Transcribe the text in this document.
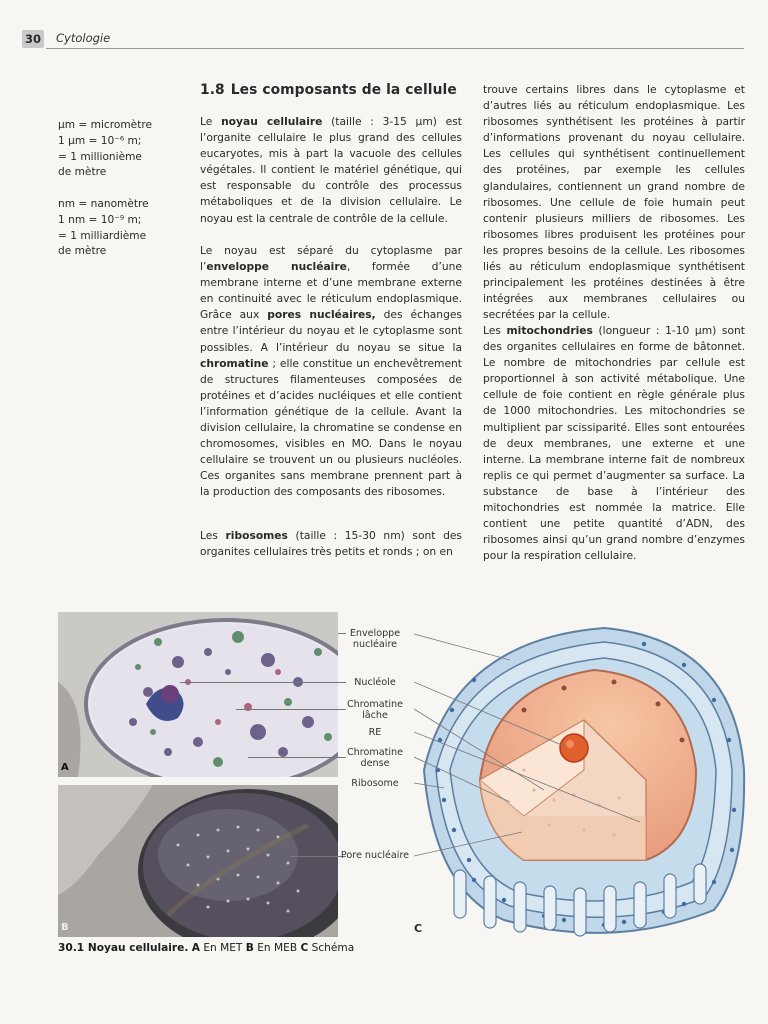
30 Cytologie

µm = micromètre
1 µm = 10⁻⁶ m;
= 1 millionième
de mètre

nm = nanomètre
1 nm = 10⁻⁹ m;
= 1 milliardième
de mètre

1.8 Les composants de la cellule

Le noyau cellulaire (taille : 3-15 µm) est l’organite cellulaire le plus grand des cellules eucaryotes, mis à part la vacuole des cellules végétales. Il contient le matériel génétique, qui est responsable du contrôle des processus métaboliques et de la division cellulaire. Le noyau est la centrale de contrôle de la cellule.

Le noyau est séparé du cytoplasme par l’enveloppe nucléaire, formée d’une membrane interne et d’une membrane externe en continuité avec le réticulum endoplasmique. Grâce aux pores nucléaires, des échanges entre l’intérieur du noyau et le cytoplasme sont possibles. A l’intérieur du noyau se situe la chromatine ; elle constitue un enchevêtrement de structures filamenteuses composées de protéines et d’acides nucléiques et elle contient l’information génétique de la cellule. Avant la division cellulaire, la chromatine se condense en chromosomes, visibles en MO. Dans le noyau cellulaire se trouvent un ou plusieurs nucléoles. Ces organites sans membrane prennent part à la production des composants des ribosomes.

Les ribosomes (taille : 15-30 nm) sont des organites cellulaires très petits et ronds ; on en

trouve certains libres dans le cytoplasme et d’autres liés au réticulum endoplasmique. Les ribosomes synthétisent les protéines à partir d’informations provenant du noyau cellulaire. Les cellules qui synthétisent continuellement des protéines, par exemple les cellules glandulaires, contiennent un grand nombre de ribosomes. Une cellule de foie humain peut contenir plusieurs milliers de ribosomes. Les ribosomes libres produisent les protéines pour les propres besoins de la cellule. Les ribosomes liés au réticulum endoplasmique synthétisent principalement les protéines destinées à être intégrées aux membranes cellulaires ou secrétées par la cellule.

Les mitochondries (longueur : 1-10 µm) sont des organites cellulaires en forme de bâtonnet. Le nombre de mitochondries par cellule est proportionnel à son activité métabolique. Une cellule de foie contient en règle générale plus de 1000 mitochondries. Les mitochondries se multiplient par scissiparité. Elles sont entourées de deux membranes, une externe et une interne. La membrane interne fait de nombreux replis ce qui permet d’augmenter sa surface. La substance de base à l’intérieur des mitochondries est nommée la matrice. Elle contient une petite quantité d’ADN, des ribosomes ainsi qu’un grand nombre d’enzymes pour la respiration cellulaire.

A
B
Enveloppe nucléaire
Nucléole
Chromatine lâche
RE
Chromatine dense
Ribosome
Pore nucléaire
C
30.1 Noyau cellulaire. A En MET B En MEB C Schéma
